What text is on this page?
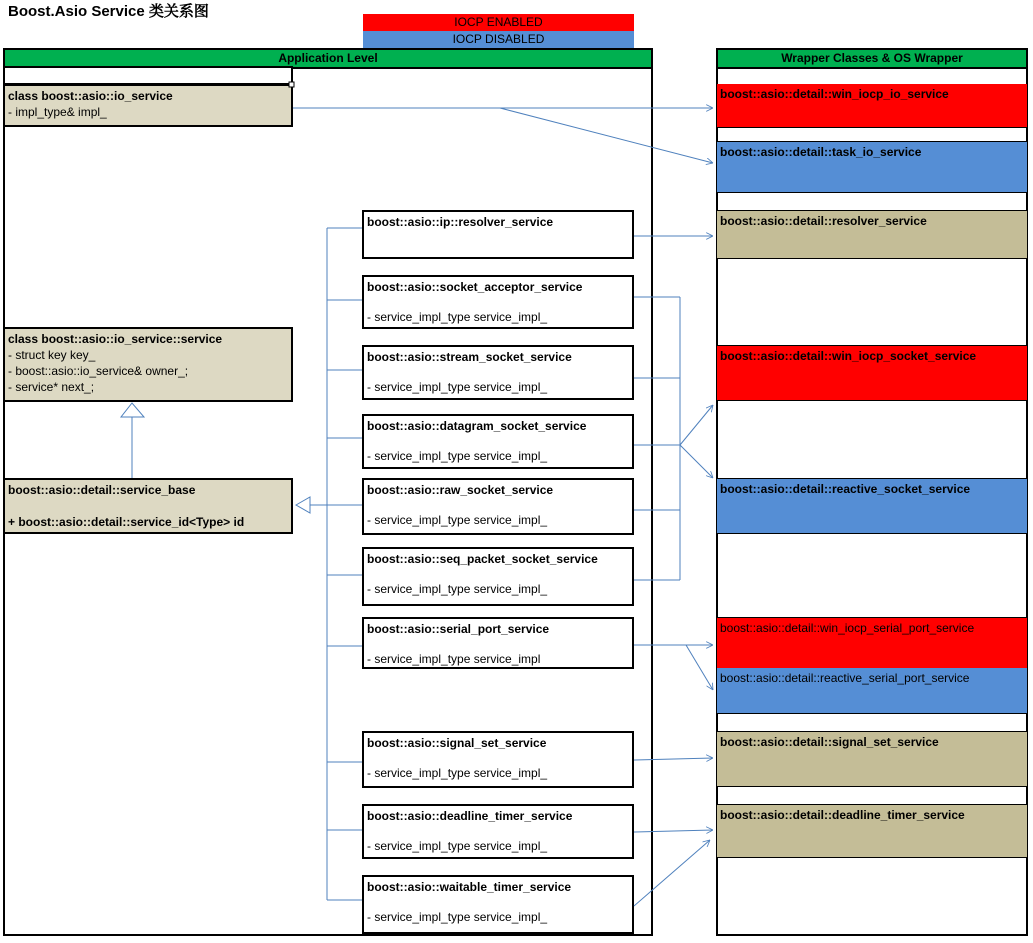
Boost.Asio Service 类关系图
IOCP ENABLED
IOCP DISABLED
Application Level	Wrapper Classes & OS Wrapper
class boost::asio::io_service
- impl_type& impl_
class boost::asio::io_service::service
- struct key key_
- boost::asio::io_service& owner_;
- service* next_;
boost::asio::detail::service_base
+ boost::asio::detail::service_id<Type> id
boost::asio::ip::resolver_service
boost::asio::socket_acceptor_service
- service_impl_type service_impl_
boost::asio::stream_socket_service
- service_impl_type service_impl_
boost::asio::datagram_socket_service
- service_impl_type service_impl_
boost::asio::raw_socket_service
- service_impl_type service_impl_
boost::asio::seq_packet_socket_service
- service_impl_type service_impl_
boost::asio::serial_port_service
- service_impl_type service_impl
boost::asio::signal_set_service
- service_impl_type service_impl_
boost::asio::deadline_timer_service
- service_impl_type service_impl_
boost::asio::waitable_timer_service
- service_impl_type service_impl_
boost::asio::detail::win_iocp_io_service
boost::asio::detail::task_io_service
boost::asio::detail::resolver_service
boost::asio::detail::win_iocp_socket_service
boost::asio::detail::reactive_socket_service
boost::asio::detail::win_iocp_serial_port_service
boost::asio::detail::reactive_serial_port_service
boost::asio::detail::signal_set_service
boost::asio::detail::deadline_timer_service
